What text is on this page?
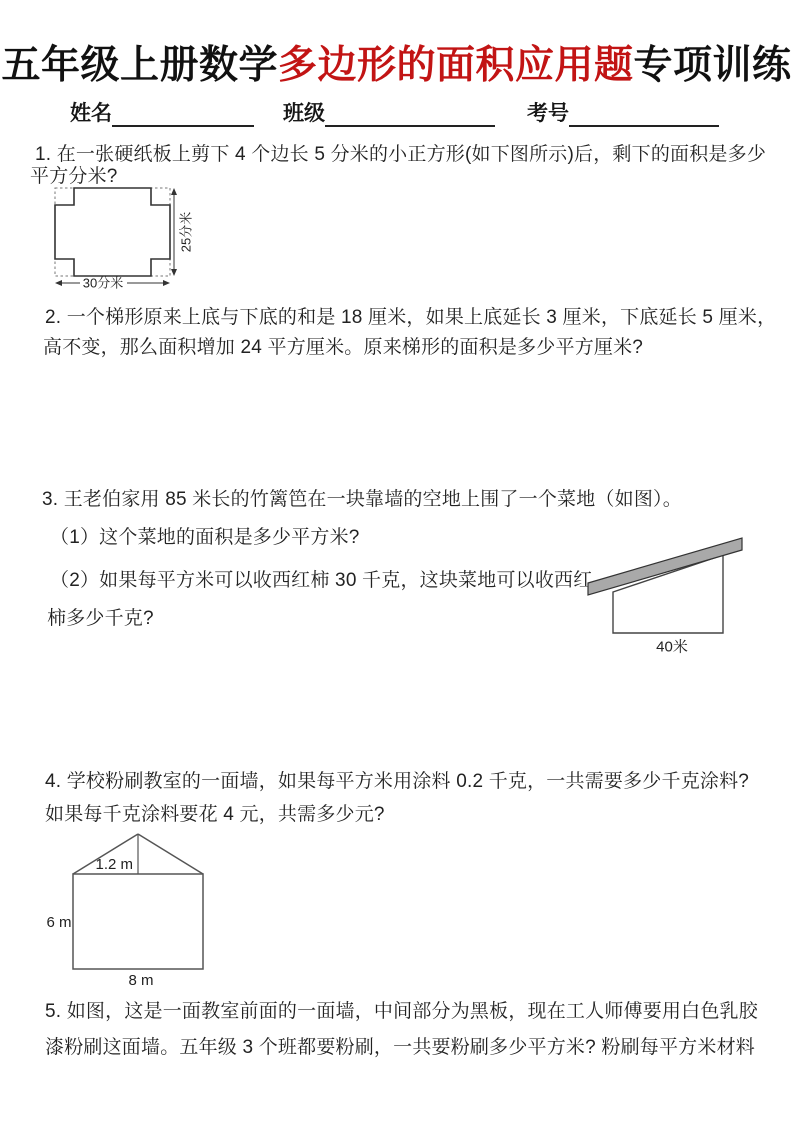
五年级上册数学多边形的面积应用题专项训练
姓名	班级	考号
1. 在一张硬纸板上剪下 4 个边长 5 分米的小正方形(如下图所示)后，剩下的面积是多少
平方分米?
25分米
30分米
2. 一个梯形原来上底与下底的和是 18 厘米，如果上底延长 3 厘米，下底延长 5 厘米，
高不变，那么面积增加 24 平方厘米。原来梯形的面积是多少平方厘米?
3. 王老伯家用 85 米长的竹篱笆在一块靠墙的空地上围了一个菜地（如图）。
（1）这个菜地的面积是多少平方米?
（2）如果每平方米可以收西红柿 30 千克，这块菜地可以收西红
柿多少千克?
40米
4. 学校粉刷教室的一面墙，如果每平方米用涂料 0.2 千克，一共需要多少千克涂料?
如果每千克涂料要花 4 元，共需多少元?
1.2 m
6 m
8 m
5. 如图，这是一面教室前面的一面墙，中间部分为黑板，现在工人师傅要用白色乳胶
漆粉刷这面墙。五年级 3 个班都要粉刷，一共要粉刷多少平方米? 粉刷每平方米材料
